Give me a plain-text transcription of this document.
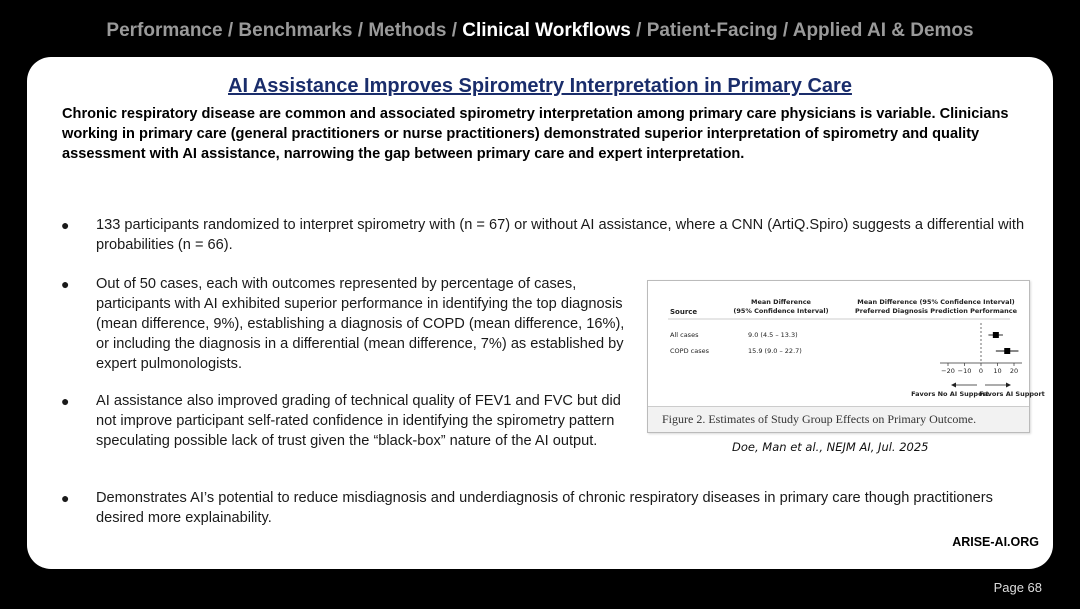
Performance / Benchmarks / Methods / Clinical Workflows / Patient-Facing / Applied AI & Demos
AI Assistance Improves Spirometry Interpretation in Primary Care
Chronic respiratory disease are common and associated spirometry interpretation among primary care physicians is variable. Clinicians working in primary care (general practitioners or nurse practitioners) demonstrated superior interpretation of spirometry and quality assessment with AI assistance, narrowing the gap between primary care and expert interpretation.
● 133 participants randomized to interpret spirometry with (n = 67) or without AI assistance, where a CNN (ArtiQ.Spiro) suggests a differential with probabilities (n = 66).
● Out of 50 cases, each with outcomes represented by percentage of cases, participants with AI exhibited superior performance in identifying the top diagnosis (mean difference, 9%), establishing a diagnosis of COPD (mean difference, 16%), or including the diagnosis in a differential (mean difference, 7%) as established by expert pulmonologists.
● AI assistance also improved grading of technical quality of FEV1 and FVC but did not improve participant self-rated confidence in identifying the spirometry pattern speculating possible lack of trust given the “black-box” nature of the AI output.
● Demonstrates AI’s potential to reduce misdiagnosis and underdiagnosis of chronic respiratory diseases in primary care though practitioners desired more explainability.
Source
Mean Difference
(95% Confidence Interval)
Mean Difference (95% Confidence Interval)
Preferred Diagnosis Prediction Performance
All cases	9.0 (4.5 – 13.3)
COPD cases	15.9 (9.0 – 22.7)
−20 −10 0 10 20
Favors No AI Support
Favors AI Support
Figure 2. Estimates of Study Group Effects on Primary Outcome.
Doe, Man et al., NEJM AI, Jul. 2025
ARISE-AI.ORG
Page 68
